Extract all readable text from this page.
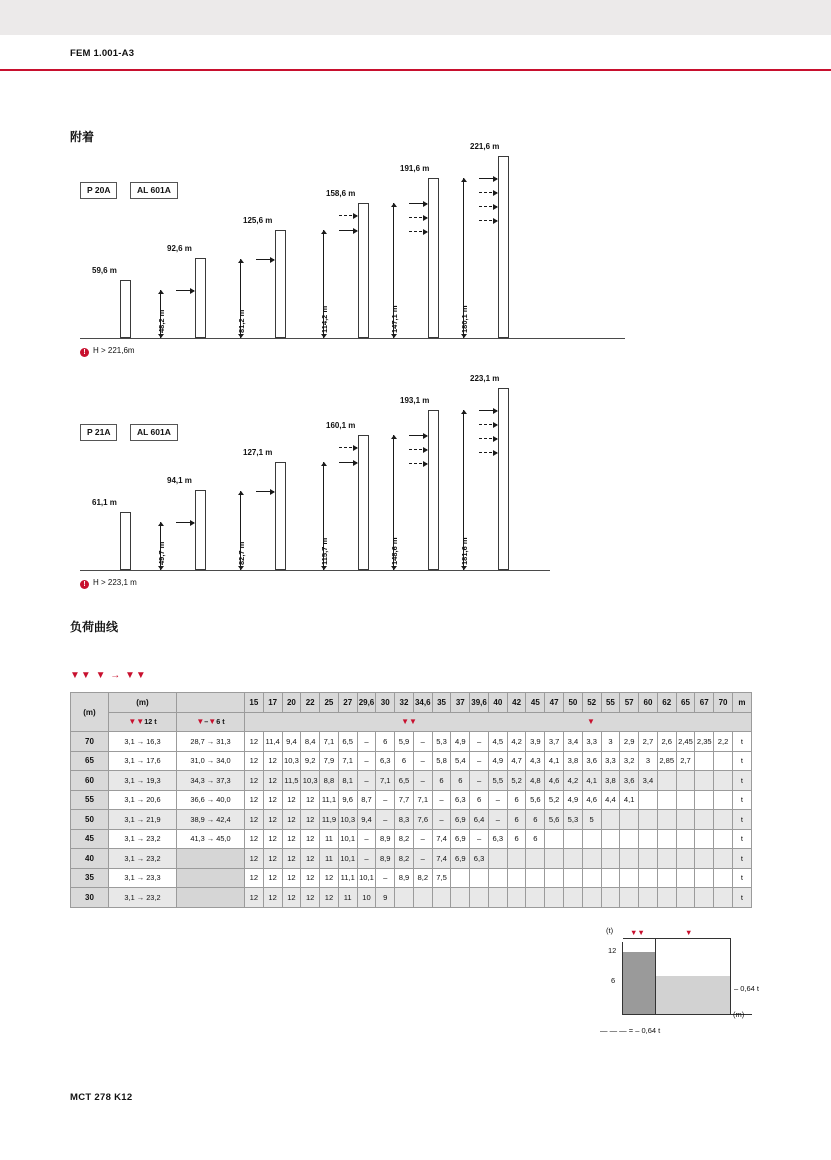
FEM 1.001-A3
附着
P 20A	AL 601A
59,6 m
92,6 m
48,2 m
125,6 m
81,2 m
158,6 m
114,2 m
191,6 m
147,1 m
221,6 m
180,1 m
! H > 221,6m
P 21A	AL 601A
61,1 m
94,1 m
49,7 m
127,1 m
82,7 m
160,1 m
115,7 m
193,1 m
148,6 m
223,1 m
181,6 m
! H > 223,1 m
负荷曲线
▼▼ ▼ → ▼▼
(m)	(m)		15	17	20	22	25	27	29,6	30	32	34,6	35	37	39,6	40	42	45	47	50	52	55	57	60	62	65	67	70	m
	▼▼12 t	▼–▼6 t	▼▼ ▼																										
70	3,1 → 16,3	28,7 → 31,3	12	11,4	9,4	8,4	7,1	6,5	–	6	5,9	–	5,3	4,9	–	4,5	4,2	3,9	3,7	3,4	3,3	3	2,9	2,7	2,6	2,45	2,35	2,2	t
65	3,1 → 17,6	31,0 → 34,0	12	12	10,3	9,2	7,9	7,1	–	6,3	6	–	5,8	5,4	–	4,9	4,7	4,3	4,1	3,8	3,6	3,3	3,2	3	2,85	2,7			t
60	3,1 → 19,3	34,3 → 37,3	12	12	11,5	10,3	8,8	8,1	–	7,1	6,5	–	6	6	–	5,5	5,2	4,8	4,6	4,2	4,1	3,8	3,6	3,4					t
55	3,1 → 20,6	36,6 → 40,0	12	12	12	12	11,1	9,6	8,7	–	7,7	7,1	–	6,3	6	–	6	5,6	5,2	4,9	4,6	4,4	4,1						t
50	3,1 → 21,9	38,9 → 42,4	12	12	12	12	11,9	10,3	9,4	–	8,3	7,6	–	6,9	6,4	–	6	6	5,6	5,3	5								t
45	3,1 → 23,2	41,3 → 45,0	12	12	12	12	11	10,1	–	8,9	8,2	–	7,4	6,9	–	6,3	6	6											t
40	3,1 → 23,2		12	12	12	12	11	10,1	–	8,9	8,2	–	7,4	6,9	6,3														t
35	3,1 → 23,3		12	12	12	12	12	11,1	10,1	–	8,9	8,2	7,5																t
30	3,1 → 23,2		12	12	12	12	12	11	10	9																			t
(t)
12
6
▼▼	▼
– 0,64 t
(m)
— — — = – 0,64 t
MCT 278 K12
